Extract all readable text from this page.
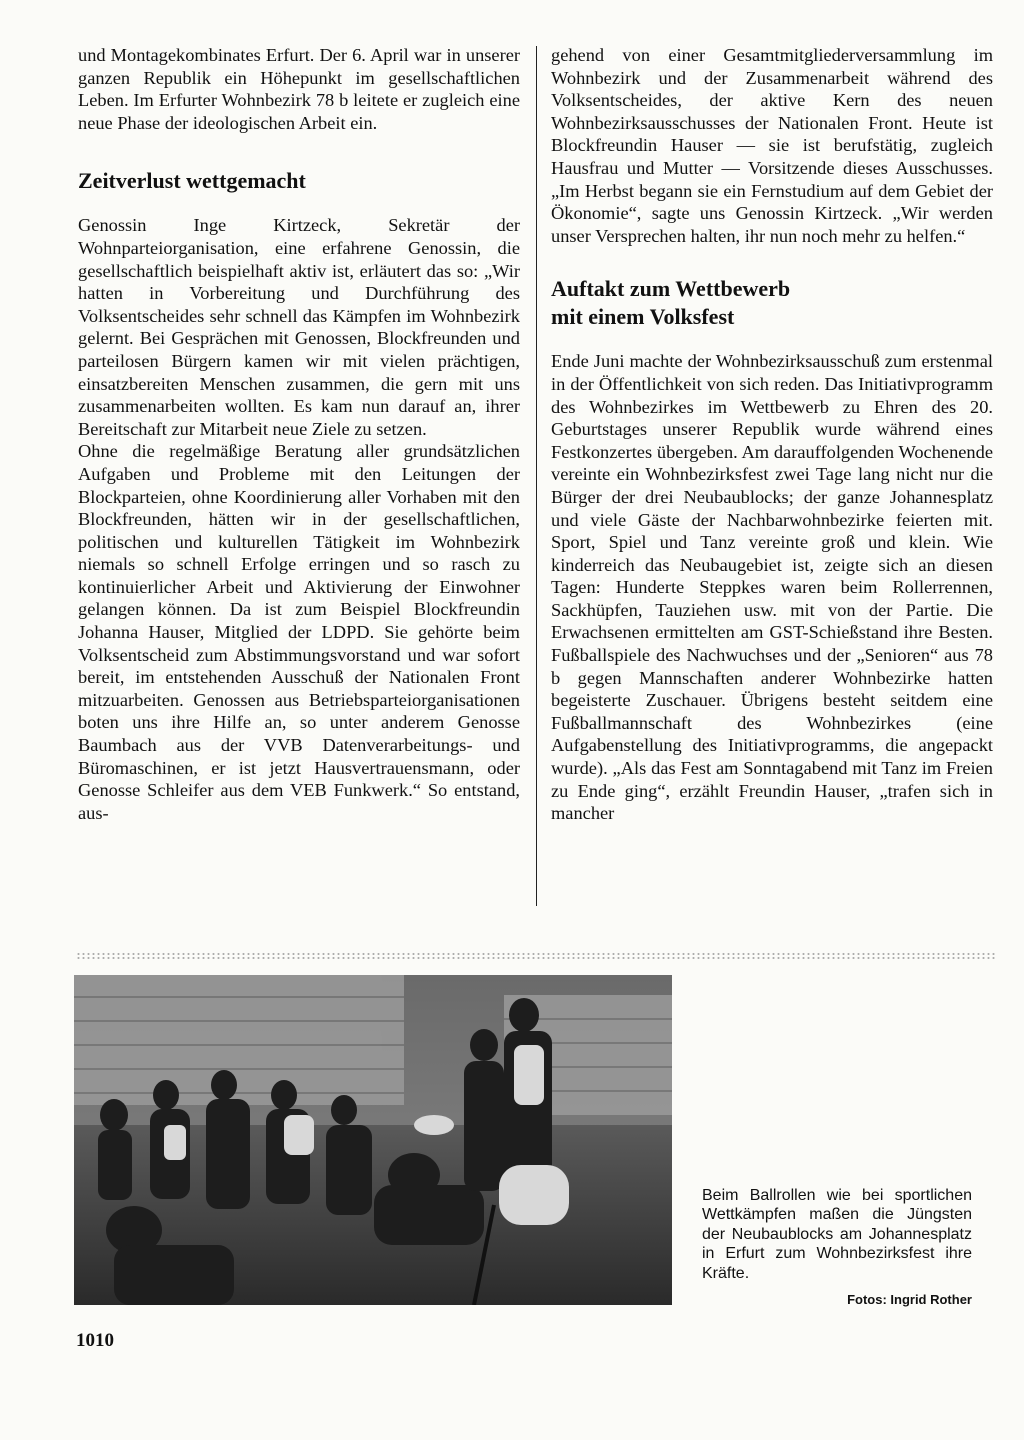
und Montagekombinates Erfurt. Der 6. April war in unserer ganzen Republik ein Höhepunkt im gesellschaftlichen Leben. Im Erfurter Wohnbezirk 78 b leitete er zugleich eine neue Phase der ideologischen Arbeit ein.

Zeitverlust wettgemacht

Genossin Inge Kirtzeck, Sekretär der Wohnparteiorganisation, eine erfahrene Genossin, die gesellschaftlich beispielhaft aktiv ist, erläutert das so: „Wir hatten in Vorbereitung und Durchführung des Volksentscheides sehr schnell das Kämpfen im Wohnbezirk gelernt. Bei Gesprächen mit Genossen, Blockfreunden und parteilosen Bürgern kamen wir mit vielen prächtigen, einsatzbereiten Menschen zusammen, die gern mit uns zusammenarbeiten wollten. Es kam nun darauf an, ihrer Bereitschaft zur Mitarbeit neue Ziele zu setzen.

Ohne die regelmäßige Beratung aller grundsätzlichen Aufgaben und Probleme mit den Leitungen der Blockparteien, ohne Koordinierung aller Vorhaben mit den Blockfreunden, hätten wir in der gesellschaftlichen, politischen und kulturellen Tätigkeit im Wohnbezirk niemals so schnell Erfolge erringen und so rasch zu kontinuierlicher Arbeit und Aktivierung der Einwohner gelangen können. Da ist zum Beispiel Blockfreundin Johanna Hauser, Mitglied der LDPD. Sie gehörte beim Volksentscheid zum Abstimmungsvorstand und war sofort bereit, im entstehenden Ausschuß der Nationalen Front mitzuarbeiten. Genossen aus Betriebsparteiorganisationen boten uns ihre Hilfe an, so unter anderem Genosse Baumbach aus der VVB Datenverarbeitungs- und Büromaschinen, er ist jetzt Hausvertrauensmann, oder Genosse Schleifer aus dem VEB Funkwerk.“ So entstand, aus-

gehend von einer Gesamtmitgliederversammlung im Wohnbezirk und der Zusammenarbeit während des Volksentscheides, der aktive Kern des neuen Wohnbezirksausschusses der Nationalen Front. Heute ist Blockfreundin Hauser — sie ist berufstätig, zugleich Hausfrau und Mutter — Vorsitzende dieses Ausschusses. „Im Herbst begann sie ein Fernstudium auf dem Gebiet der Ökonomie“, sagte uns Genossin Kirtzeck. „Wir werden unser Versprechen halten, ihr nun noch mehr zu helfen.“

Auftakt zum Wettbewerb
mit einem Volksfest

Ende Juni machte der Wohnbezirksausschuß zum erstenmal in der Öffentlichkeit von sich reden. Das Initiativprogramm des Wohnbezirkes im Wettbewerb zu Ehren des 20. Geburtstages unserer Republik wurde während eines Festkonzertes übergeben. Am darauffolgenden Wochenende vereinte ein Wohnbezirksfest zwei Tage lang nicht nur die Bürger der drei Neubaublocks; der ganze Johannesplatz und viele Gäste der Nachbarwohnbezirke feierten mit. Sport, Spiel und Tanz vereinte groß und klein. Wie kinderreich das Neubaugebiet ist, zeigte sich an diesen Tagen: Hunderte Steppkes waren beim Rollerrennen, Sackhüpfen, Tauziehen usw. mit von der Partie. Die Erwachsenen ermittelten am GST-Schießstand ihre Besten. Fußballspiele des Nachwuchses und der „Senioren“ aus 78 b gegen Mannschaften anderer Wohnbezirke hatten begeisterte Zuschauer. Übrigens besteht seitdem eine Fußballmannschaft des Wohnbezirkes (eine Aufgabenstellung des Initiativprogramms, die angepackt wurde). „Als das Fest am Sonntagabend mit Tanz im Freien zu Ende ging“, erzählt Freundin Hauser, „trafen sich in mancher

Beim Ballrollen wie bei sportlichen Wettkämpfen maßen die Jüngsten der Neubaublocks am Johannesplatz in Erfurt zum Wohnbezirksfest ihre Kräfte.
Fotos: Ingrid Rother
1010
